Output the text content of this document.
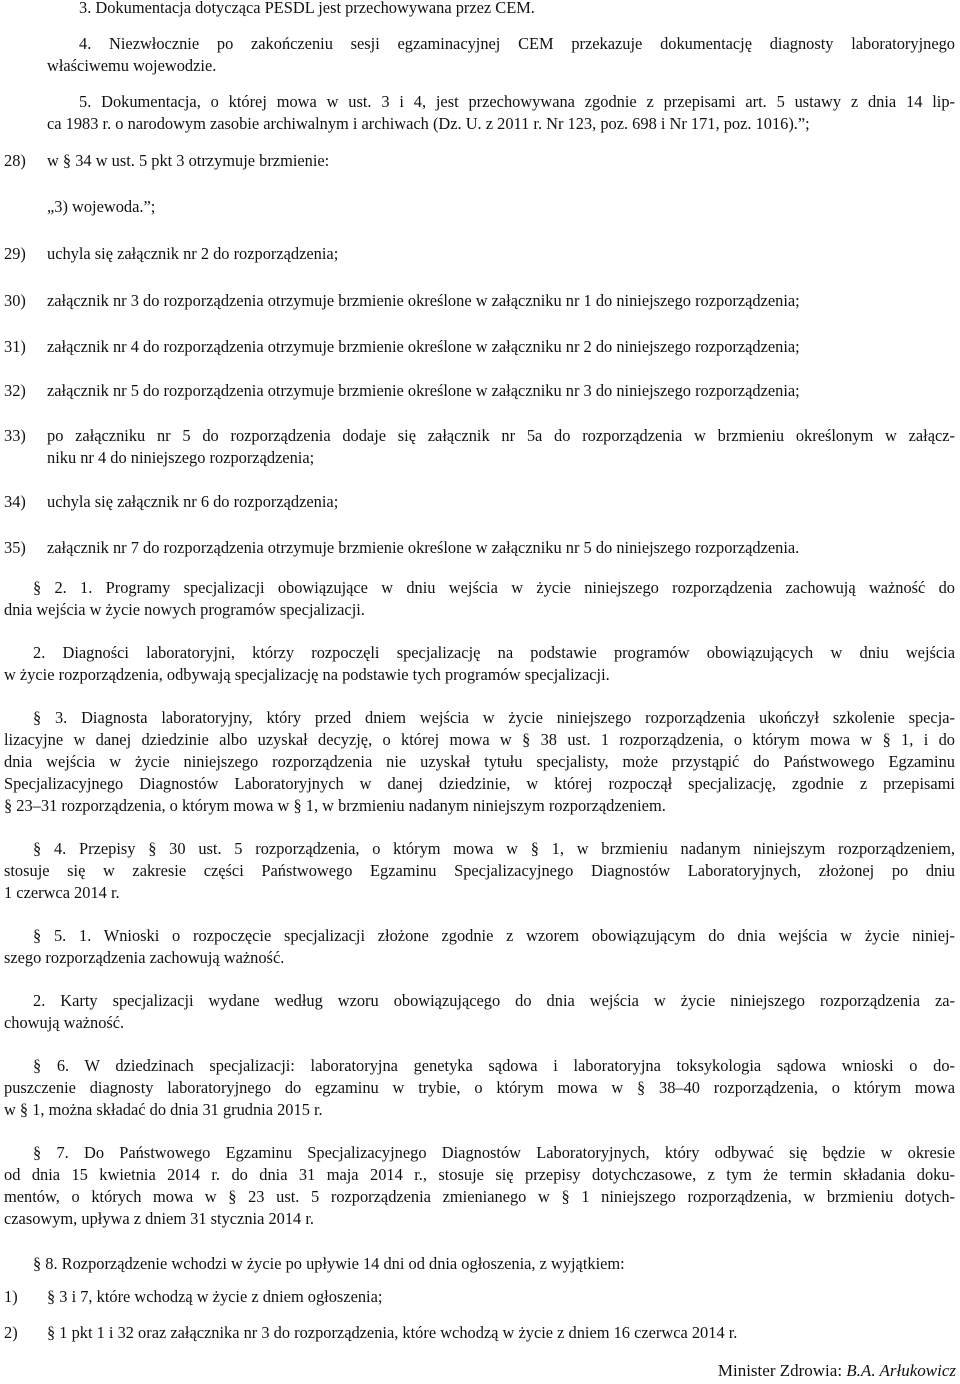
3. Dokumentacja dotycząca PESDL jest przechowywana przez CEM.
4. Niezwłocznie po zakończeniu sesji egzaminacyjnej CEM przekazuje dokumentację diagnosty laboratoryjnego
właściwemu wojewodzie.
5. Dokumentacja, o której mowa w ust. 3 i 4, jest przechowywana zgodnie z przepisami art. 5 ustawy z dnia 14 lip-
ca 1983 r. o narodowym zasobie archiwalnym i archiwach (Dz. U. z 2011 r. Nr 123, poz. 698 i Nr 171, poz. 1016).”;
28) w § 34 w ust. 5 pkt 3 otrzymuje brzmienie:
„3) wojewoda.”;
29) uchyla się załącznik nr 2 do rozporządzenia;
30) załącznik nr 3 do rozporządzenia otrzymuje brzmienie określone w załączniku nr 1 do niniejszego rozporządzenia;
31) załącznik nr 4 do rozporządzenia otrzymuje brzmienie określone w załączniku nr 2 do niniejszego rozporządzenia;
32) załącznik nr 5 do rozporządzenia otrzymuje brzmienie określone w załączniku nr 3 do niniejszego rozporządzenia;
33) po załączniku nr 5 do rozporządzenia dodaje się załącznik nr 5a do rozporządzenia w brzmieniu określonym w załącz-
niku nr 4 do niniejszego rozporządzenia;
34) uchyla się załącznik nr 6 do rozporządzenia;
35) załącznik nr 7 do rozporządzenia otrzymuje brzmienie określone w załączniku nr 5 do niniejszego rozporządzenia.
§ 2. 1. Programy specjalizacji obowiązujące w dniu wejścia w życie niniejszego rozporządzenia zachowują ważność do
dnia wejścia w życie nowych programów specjalizacji.
2. Diagności laboratoryjni, którzy rozpoczęli specjalizację na podstawie programów obowiązujących w dniu wejścia
w życie rozporządzenia, odbywają specjalizację na podstawie tych programów specjalizacji.
§ 3. Diagnosta laboratoryjny, który przed dniem wejścia w życie niniejszego rozporządzenia ukończył szkolenie specja-
lizacyjne w danej dziedzinie albo uzyskał decyzję, o której mowa w § 38 ust. 1 rozporządzenia, o którym mowa w § 1, i do
dnia wejścia w życie niniejszego rozporządzenia nie uzyskał tytułu specjalisty, może przystąpić do Państwowego Egzaminu
Specjalizacyjnego Diagnostów Laboratoryjnych w danej dziedzinie, w której rozpoczął specjalizację, zgodnie z przepisami
§ 23–31 rozporządzenia, o którym mowa w § 1, w brzmieniu nadanym niniejszym rozporządzeniem.
§ 4. Przepisy § 30 ust. 5 rozporządzenia, o którym mowa w § 1, w brzmieniu nadanym niniejszym rozporządzeniem,
stosuje się w zakresie części Państwowego Egzaminu Specjalizacyjnego Diagnostów Laboratoryjnych, złożonej po dniu
1 czerwca 2014 r.
§ 5. 1. Wnioski o rozpoczęcie specjalizacji złożone zgodnie z wzorem obowiązującym do dnia wejścia w życie niniej-
szego rozporządzenia zachowują ważność.
2. Karty specjalizacji wydane według wzoru obowiązującego do dnia wejścia w życie niniejszego rozporządzenia za-
chowują ważność.
§ 6. W dziedzinach specjalizacji: laboratoryjna genetyka sądowa i laboratoryjna toksykologia sądowa wnioski o do-
puszczenie diagnosty laboratoryjnego do egzaminu w trybie, o którym mowa w § 38–40 rozporządzenia, o którym mowa
w § 1, można składać do dnia 31 grudnia 2015 r.
§ 7. Do Państwowego Egzaminu Specjalizacyjnego Diagnostów Laboratoryjnych, który odbywać się będzie w okresie
od dnia 15 kwietnia 2014 r. do dnia 31 maja 2014 r., stosuje się przepisy dotychczasowe, z tym że termin składania doku-
mentów, o których mowa w § 23 ust. 5 rozporządzenia zmienianego w § 1 niniejszego rozporządzenia, w brzmieniu dotych-
czasowym, upływa z dniem 31 stycznia 2014 r.
§ 8. Rozporządzenie wchodzi w życie po upływie 14 dni od dnia ogłoszenia, z wyjątkiem:
1) § 3 i 7, które wchodzą w życie z dniem ogłoszenia;
2) § 1 pkt 1 i 32 oraz załącznika nr 3 do rozporządzenia, które wchodzą w życie z dniem 16 czerwca 2014 r.
Minister Zdrowia: B.A. Arłukowicz
